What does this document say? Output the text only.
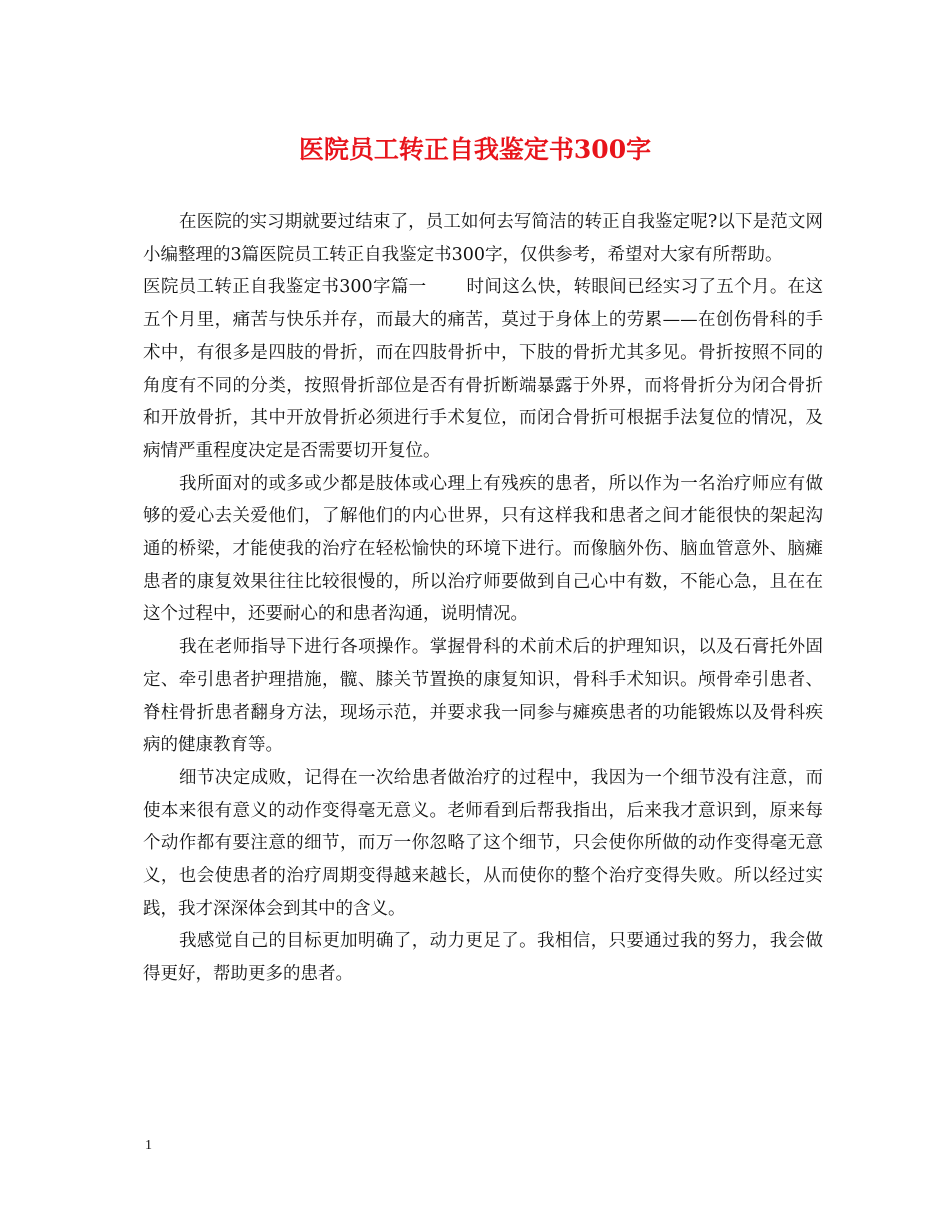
医院员工转正自我鉴定书300字

在医院的实习期就要过结束了，员工如何去写简洁的转正自我鉴定呢?以下是范文网小编整理的3篇医院员工转正自我鉴定书300字，仅供参考，希望对大家有所帮助。

医院员工转正自我鉴定书300字篇一 时间这么快，转眼间已经实习了五个月。在这五个月里，痛苦与快乐并存，而最大的痛苦，莫过于身体上的劳累——在创伤骨科的手术中，有很多是四肢的骨折，而在四肢骨折中，下肢的骨折尤其多见。骨折按照不同的角度有不同的分类，按照骨折部位是否有骨折断端暴露于外界，而将骨折分为闭合骨折和开放骨折，其中开放骨折必须进行手术复位，而闭合骨折可根据手法复位的情况，及病情严重程度决定是否需要切开复位。

我所面对的或多或少都是肢体或心理上有残疾的患者，所以作为一名治疗师应有做够的爱心去关爱他们，了解他们的内心世界，只有这样我和患者之间才能很快的架起沟通的桥梁，才能使我的治疗在轻松愉快的环境下进行。而像脑外伤、脑血管意外、脑瘫患者的康复效果往往比较很慢的，所以治疗师要做到自己心中有数，不能心急，且在在这个过程中，还要耐心的和患者沟通，说明情况。

我在老师指导下进行各项操作。掌握骨科的术前术后的护理知识，以及石膏托外固定、牵引患者护理措施，髋、膝关节置换的康复知识，骨科手术知识。颅骨牵引患者、脊柱骨折患者翻身方法，现场示范，并要求我一同参与瘫痪患者的功能锻炼以及骨科疾病的健康教育等。

细节决定成败，记得在一次给患者做治疗的过程中，我因为一个细节没有注意，而使本来很有意义的动作变得毫无意义。老师看到后帮我指出，后来我才意识到，原来每个动作都有要注意的细节，而万一你忽略了这个细节，只会使你所做的动作变得毫无意义，也会使患者的治疗周期变得越来越长，从而使你的整个治疗变得失败。所以经过实践，我才深深体会到其中的含义。

我感觉自己的目标更加明确了，动力更足了。我相信，只要通过我的努力，我会做得更好，帮助更多的患者。

1
